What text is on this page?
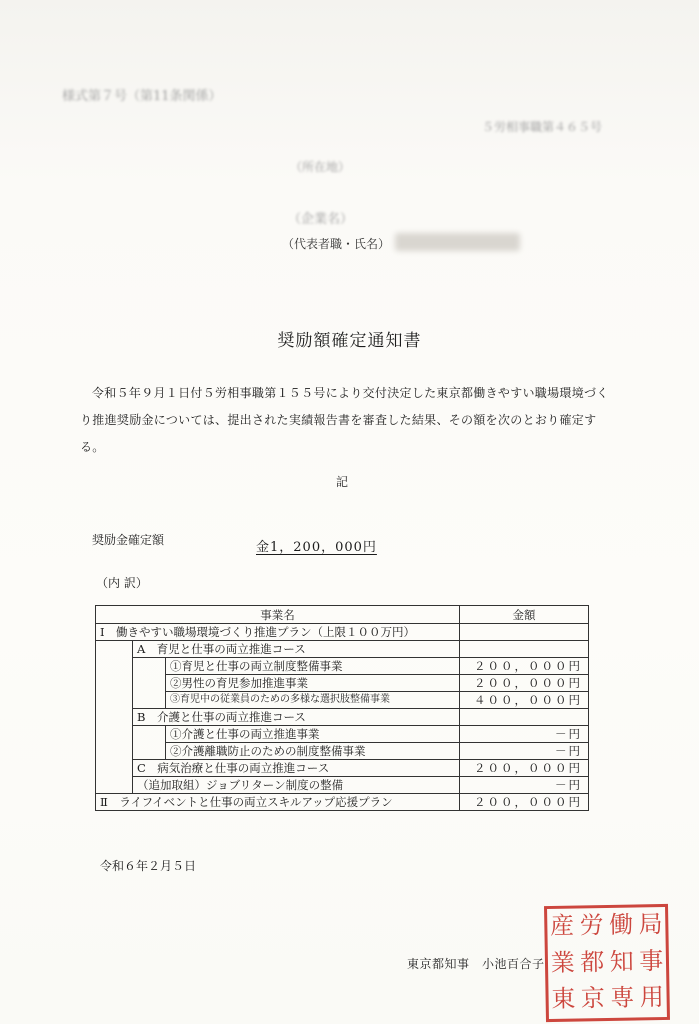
様式第７号（第11条関係）
５労相事職第４６５号
（所在地）
（企業名）
（代表者職・氏名）
奨励額確定通知書
令和５年９月１日付５労相事職第１５５号により交付決定した東京都働きやすい職場環境づくり推進奨励金については、提出された実績報告書を審査した結果、その額を次のとおり確定する。
記
奨励金確定額	金1，200，000円
（内 訳）
事業名			金額
Ⅰ　働きやすい職場環境づくり推進プラン（上限１００万円）			
	A　育児と仕事の両立推進コース		
		①育児と仕事の両立制度整備事業	２００，０００円
		②男性の育児参加推進事業	２００，０００円
		③育児中の従業員のための多様な選択肢整備事業	４００，０００円
	B　介護と仕事の両立推進コース		
		①介護と仕事の両立推進事業	－円
		②介護離職防止のための制度整備事業	－円
	C　病気治療と仕事の両立推進コース		２００，０００円
	（追加取組）ジョブリターン制度の整備		－円
Ⅱ　ライフイベントと仕事の両立スキルアップ応援プラン			２００，０００円
令和６年２月５日
東京都知事　小池百合子
産 労 働 局
業 都 知 事
東 京 専 用
